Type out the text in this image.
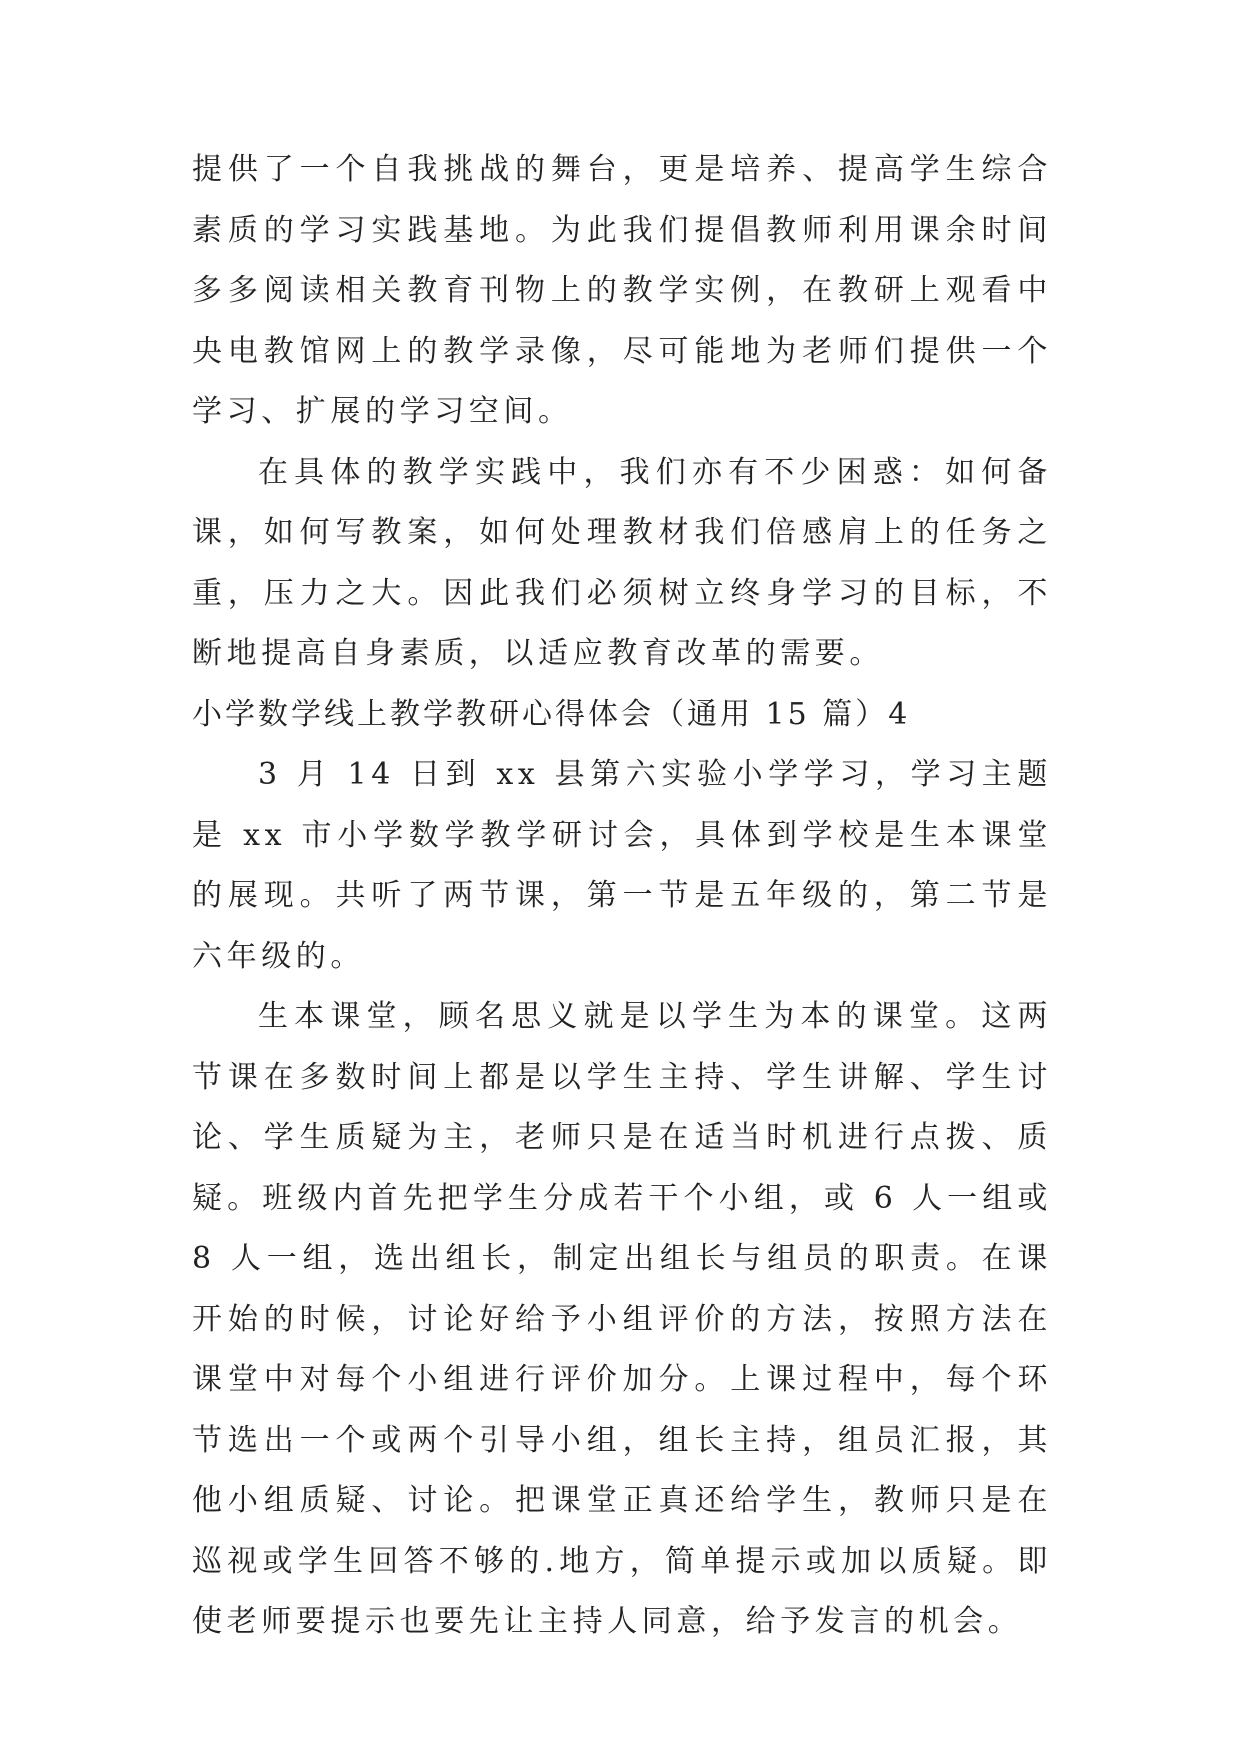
提供了一个自我挑战的舞台，更是培养、提高学生综合素质的学习实践基地。为此我们提倡教师利用课余时间多多阅读相关教育刊物上的教学实例，在教研上观看中央电教馆网上的教学录像，尽可能地为老师们提供一个学习、扩展的学习空间。

在具体的教学实践中，我们亦有不少困惑：如何备课，如何写教案，如何处理教材我们倍感肩上的任务之重，压力之大。因此我们必须树立终身学习的目标，不断地提高自身素质，以适应教育改革的需要。

小学数学线上教学教研心得体会（通用 15 篇）4

3 月 14 日到 xx 县第六实验小学学习，学习主题是 xx 市小学数学教学研讨会，具体到学校是生本课堂的展现。共听了两节课，第一节是五年级的，第二节是六年级的。

生本课堂，顾名思义就是以学生为本的课堂。这两节课在多数时间上都是以学生主持、学生讲解、学生讨论、学生质疑为主，老师只是在适当时机进行点拨、质疑。班级内首先把学生分成若干个小组，或 6 人一组或 8 人一组，选出组长，制定出组长与组员的职责。在课开始的时候，讨论好给予小组评价的方法，按照方法在课堂中对每个小组进行评价加分。上课过程中，每个环节选出一个或两个引导小组，组长主持，组员汇报，其他小组质疑、讨论。把课堂正真还给学生，教师只是在巡视或学生回答不够的.地方，简单提示或加以质疑。即使老师要提示也要先让主持人同意，给予发言的机会。
